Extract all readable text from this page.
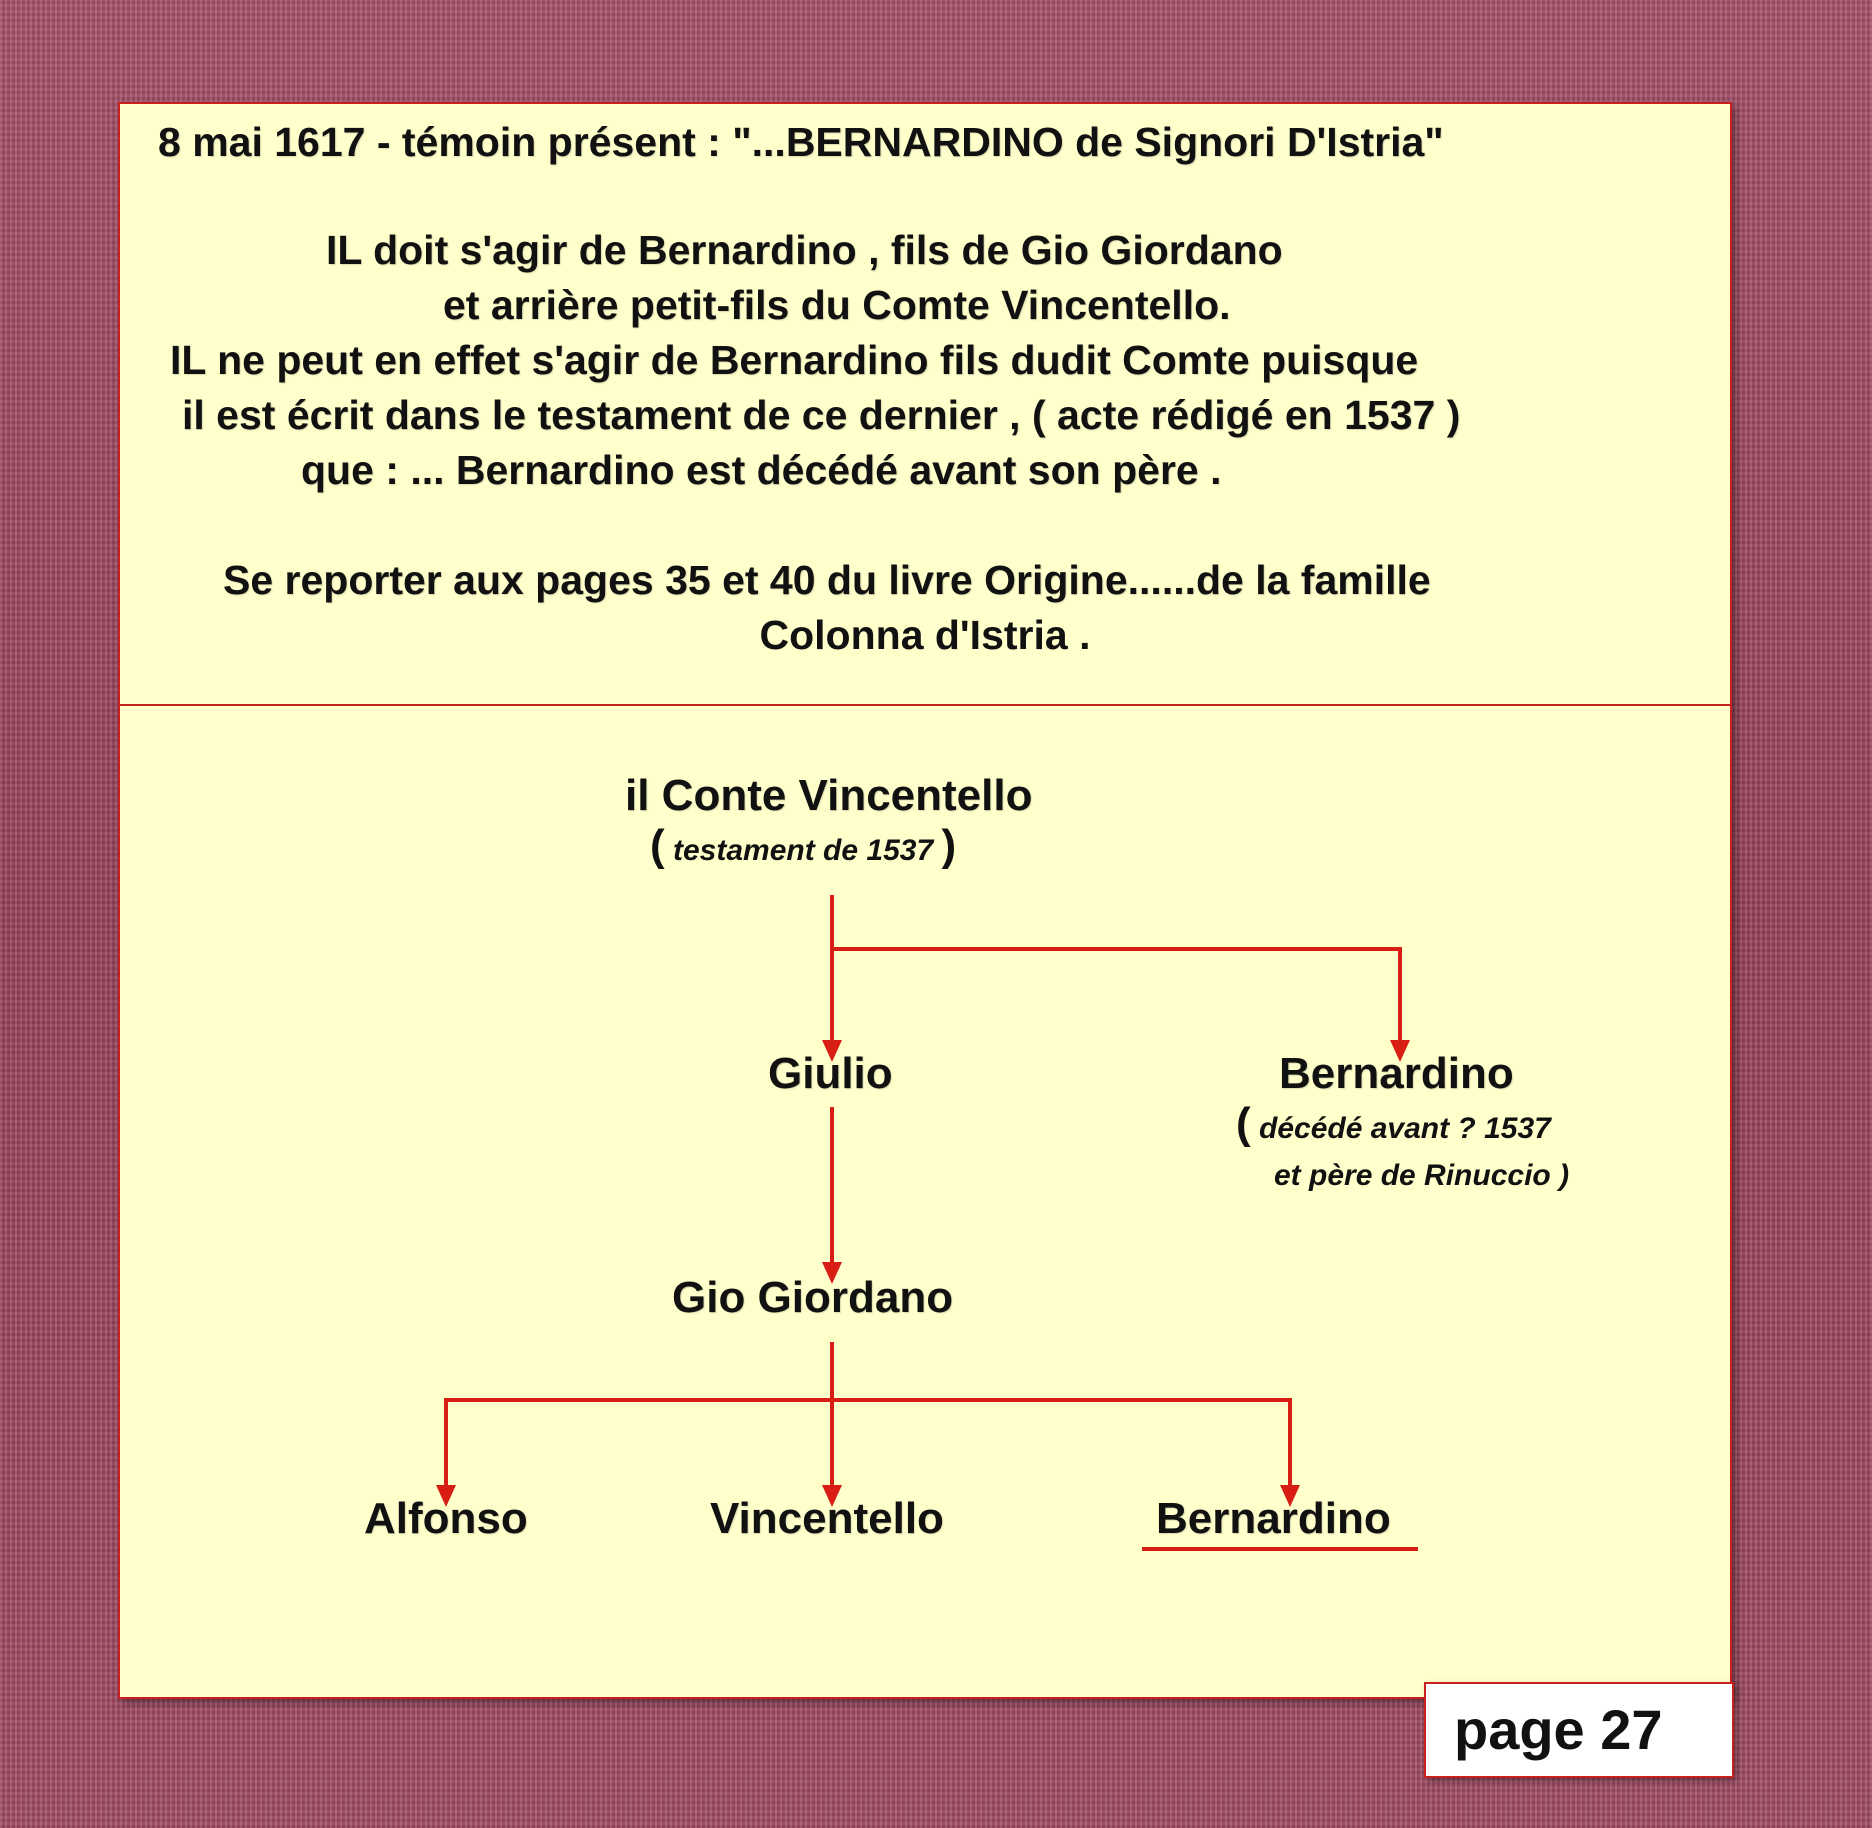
8 mai 1617 - témoin présent : "...BERNARDINO de Signori D'Istria"
IL doit s'agir de Bernardino , fils de Gio Giordano
et arrière petit-fils du Comte Vincentello.
IL ne peut en effet s'agir de Bernardino fils dudit Comte puisque
il est écrit dans le testament de ce dernier , ( acte rédigé en 1537 )
que : ... Bernardino est décédé avant son père .
Se reporter aux pages 35 et 40 du livre Origine......de la famille
Colonna d'Istria .
il Conte Vincentello
( testament de 1537 )
Giulio	Bernardino
( décédé avant ? 1537
et père de Rinuccio )
Gio Giordano
Alfonso	Vincentello	Bernardino
page 27
